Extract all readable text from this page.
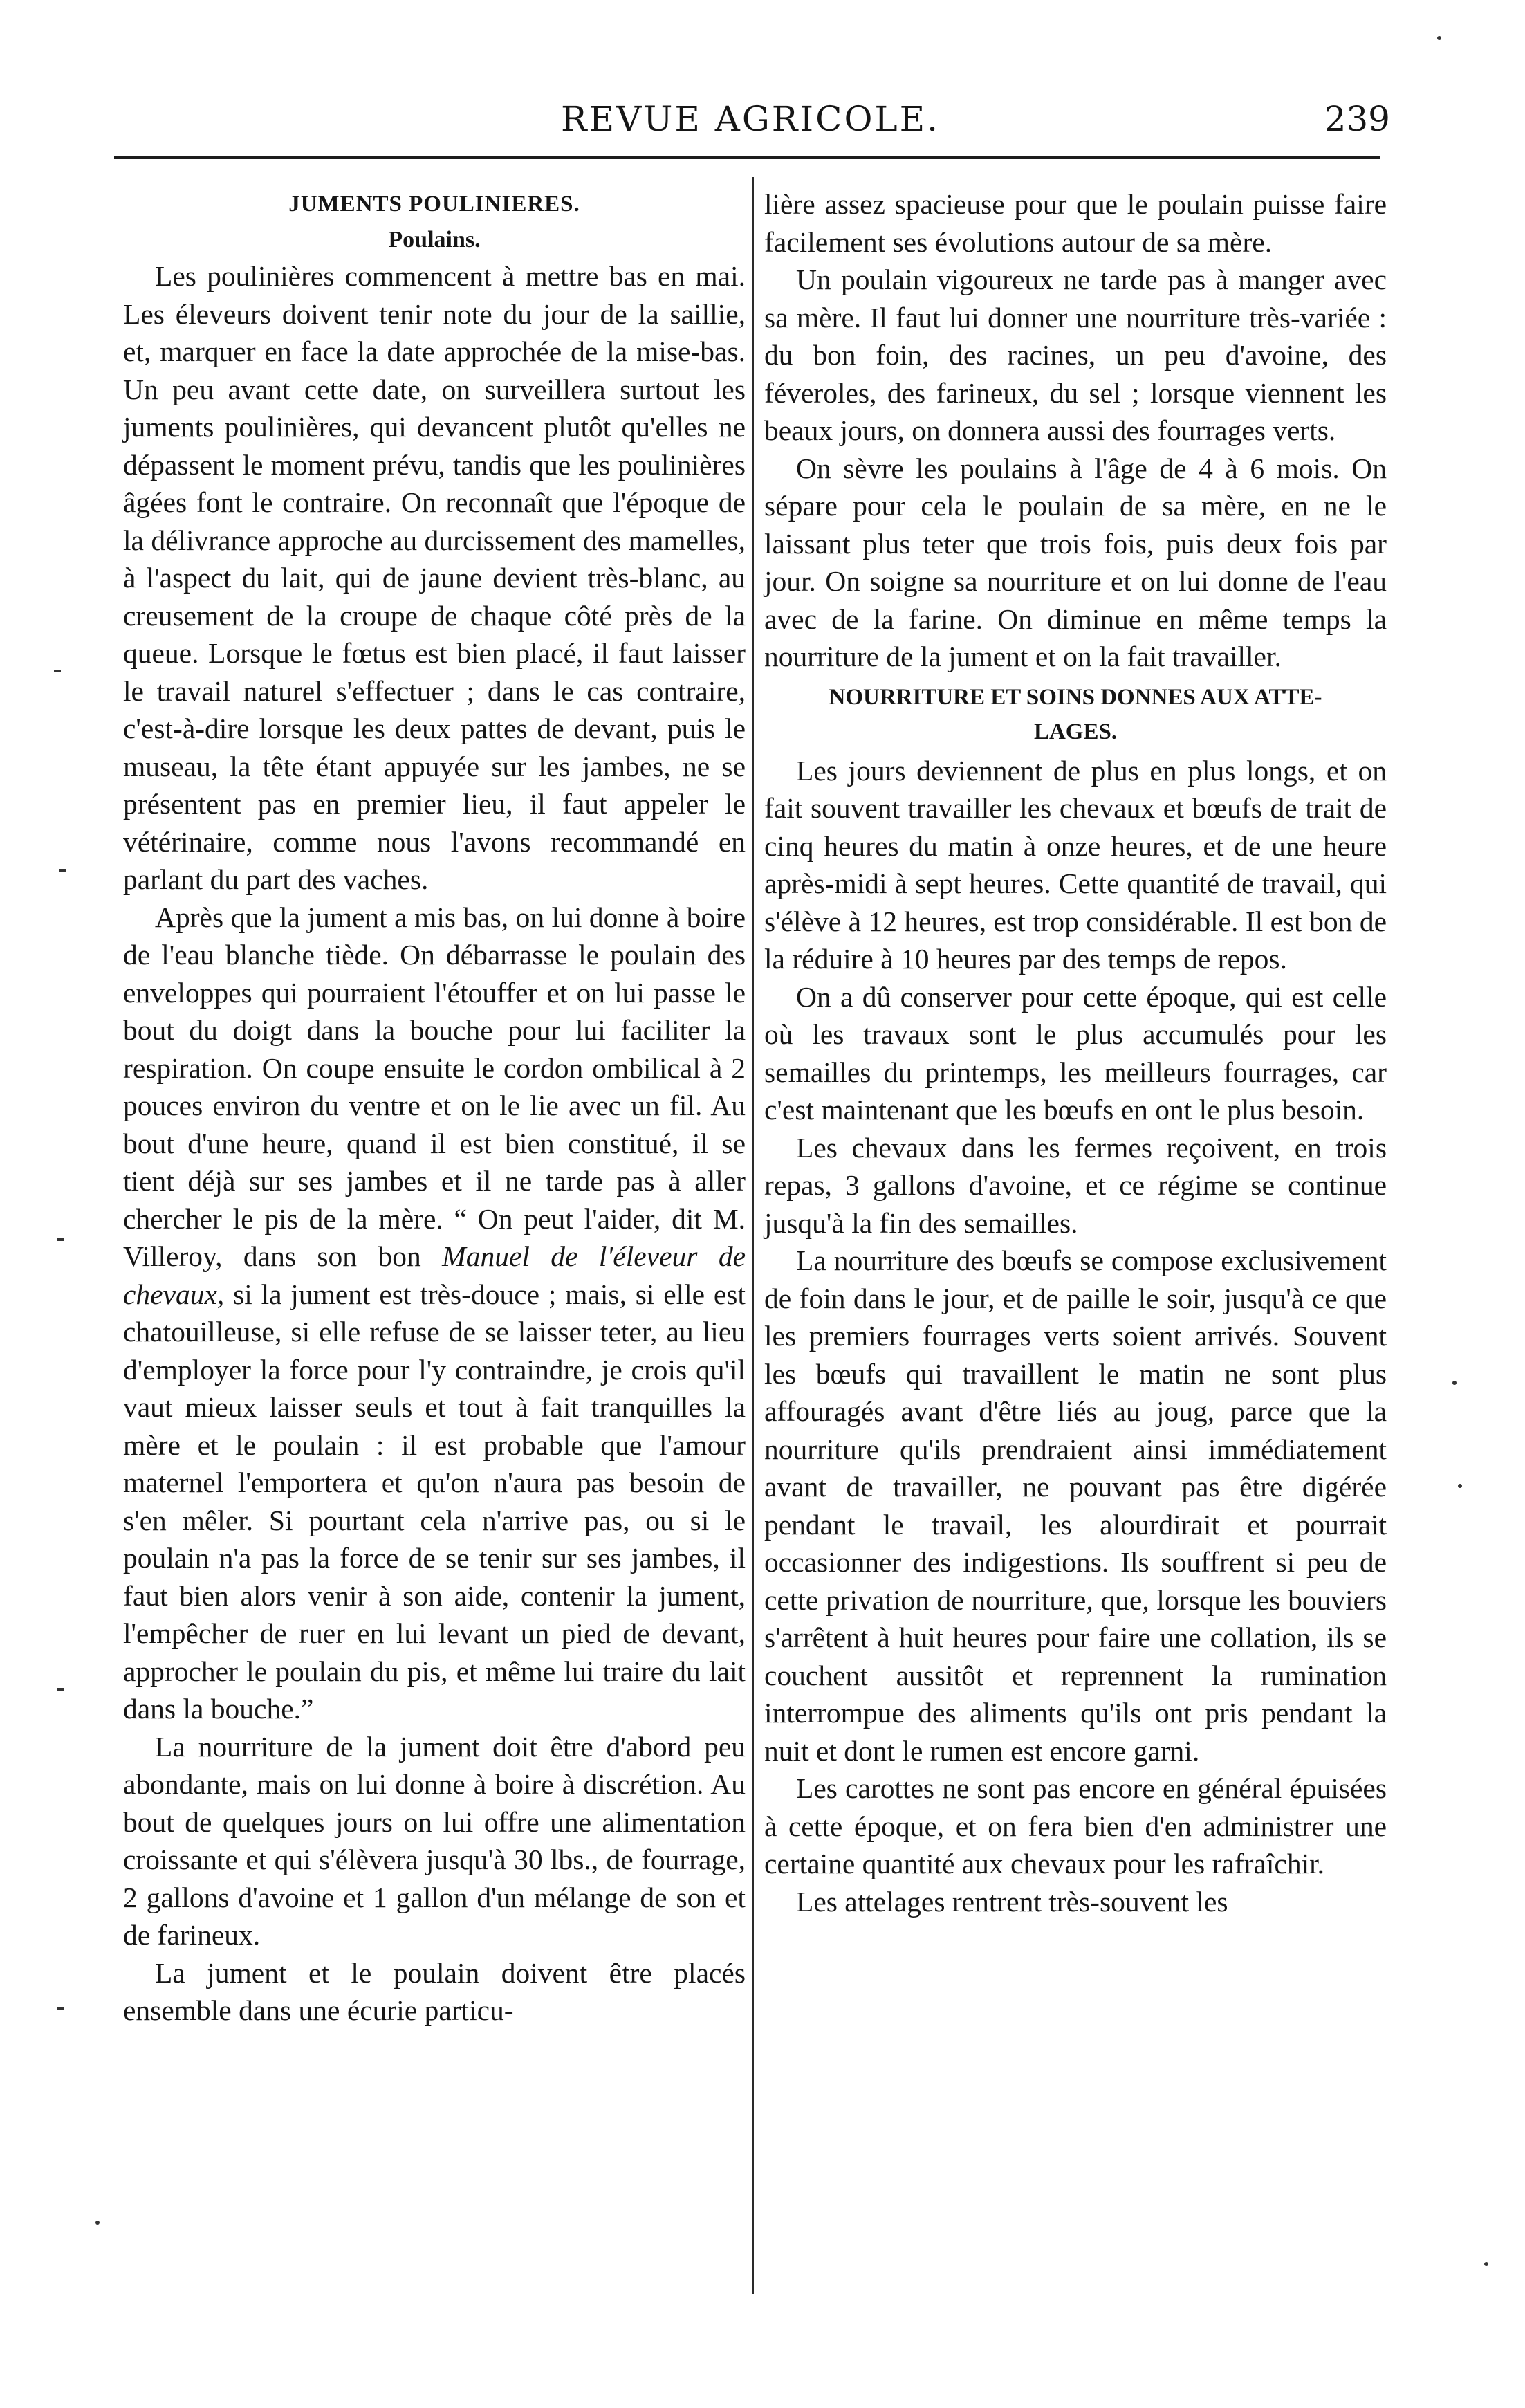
REVUE AGRICOLE.	239
JUMENTS POULINIERES.
Poulains.

Les poulinières commencent à mettre bas en mai. Les éleveurs doivent tenir note du jour de la saillie, et, marquer en face la date approchée de la mise-bas. Un peu avant cette date, on surveillera surtout les juments poulinières, qui devancent plutôt qu'elles ne dépassent le moment prévu, tandis que les poulinières âgées font le contraire. On reconnaît que l'époque de la délivrance approche au durcissement des mamelles, à l'aspect du lait, qui de jaune devient très-blanc, au creusement de la croupe de chaque côté près de la queue. Lorsque le fœtus est bien placé, il faut laisser le travail naturel s'effectuer ; dans le cas contraire, c'est-à-dire lorsque les deux pattes de devant, puis le museau, la tête étant appuyée sur les jambes, ne se présentent pas en premier lieu, il faut appeler le vétérinaire, comme nous l'avons recommandé en parlant du part des vaches.

Après que la jument a mis bas, on lui donne à boire de l'eau blanche tiède. On débarrasse le poulain des enveloppes qui pourraient l'étouffer et on lui passe le bout du doigt dans la bouche pour lui faciliter la respiration. On coupe ensuite le cordon ombilical à 2 pouces environ du ventre et on le lie avec un fil. Au bout d'une heure, quand il est bien constitué, il se tient déjà sur ses jambes et il ne tarde pas à aller chercher le pis de la mère. “ On peut l'aider, dit M. Villeroy, dans son bon Manuel de l'éleveur de chevaux, si la jument est très-douce ; mais, si elle est chatouilleuse, si elle refuse de se laisser teter, au lieu d'employer la force pour l'y contraindre, je crois qu'il vaut mieux laisser seuls et tout à fait tranquilles la mère et le poulain : il est probable que l'amour maternel l'emportera et qu'on n'aura pas besoin de s'en mêler. Si pourtant cela n'arrive pas, ou si le poulain n'a pas la force de se tenir sur ses jambes, il faut bien alors venir à son aide, contenir la jument, l'empêcher de ruer en lui levant un pied de devant, approcher le poulain du pis, et même lui traire du lait dans la bouche.”

La nourriture de la jument doit être d'abord peu abondante, mais on lui donne à boire à discrétion. Au bout de quelques jours on lui offre une alimentation croissante et qui s'élèvera jusqu'à 30 lbs., de fourrage, 2 gallons d'avoine et 1 gallon d'un mélange de son et de farineux.

La jument et le poulain doivent être placés ensemble dans une écurie particu-

lière assez spacieuse pour que le poulain puisse faire facilement ses évolutions autour de sa mère.

Un poulain vigoureux ne tarde pas à manger avec sa mère. Il faut lui donner une nourriture très-variée : du bon foin, des racines, un peu d'avoine, des féveroles, des farineux, du sel ; lorsque viennent les beaux jours, on donnera aussi des fourrages verts.

On sèvre les poulains à l'âge de 4 à 6 mois. On sépare pour cela le poulain de sa mère, en ne le laissant plus teter que trois fois, puis deux fois par jour. On soigne sa nourriture et on lui donne de l'eau avec de la farine. On diminue en même temps la nourriture de la jument et on la fait travailler.

NOURRITURE ET SOINS DONNES AUX ATTE-
LAGES.

Les jours deviennent de plus en plus longs, et on fait souvent travailler les chevaux et bœufs de trait de cinq heures du matin à onze heures, et de une heure après-midi à sept heures. Cette quantité de travail, qui s'élève à 12 heures, est trop considérable. Il est bon de la réduire à 10 heures par des temps de repos.

On a dû conserver pour cette époque, qui est celle où les travaux sont le plus accumulés pour les semailles du printemps, les meilleurs fourrages, car c'est maintenant que les bœufs en ont le plus besoin.

Les chevaux dans les fermes reçoivent, en trois repas, 3 gallons d'avoine, et ce régime se continue jusqu'à la fin des semailles.

La nourriture des bœufs se compose exclusivement de foin dans le jour, et de paille le soir, jusqu'à ce que les premiers fourrages verts soient arrivés. Souvent les bœufs qui travaillent le matin ne sont plus affouragés avant d'être liés au joug, parce que la nourriture qu'ils prendraient ainsi immédiatement avant de travailler, ne pouvant pas être digérée pendant le travail, les alourdirait et pourrait occasionner des indigestions. Ils souffrent si peu de cette privation de nourriture, que, lorsque les bouviers s'arrêtent à huit heures pour faire une collation, ils se couchent aussitôt et reprennent la rumination interrompue des aliments qu'ils ont pris pendant la nuit et dont le rumen est encore garni.

Les carottes ne sont pas encore en général épuisées à cette époque, et on fera bien d'en administrer une certaine quantité aux chevaux pour les rafraîchir.

Les attelages rentrent très-souvent les
